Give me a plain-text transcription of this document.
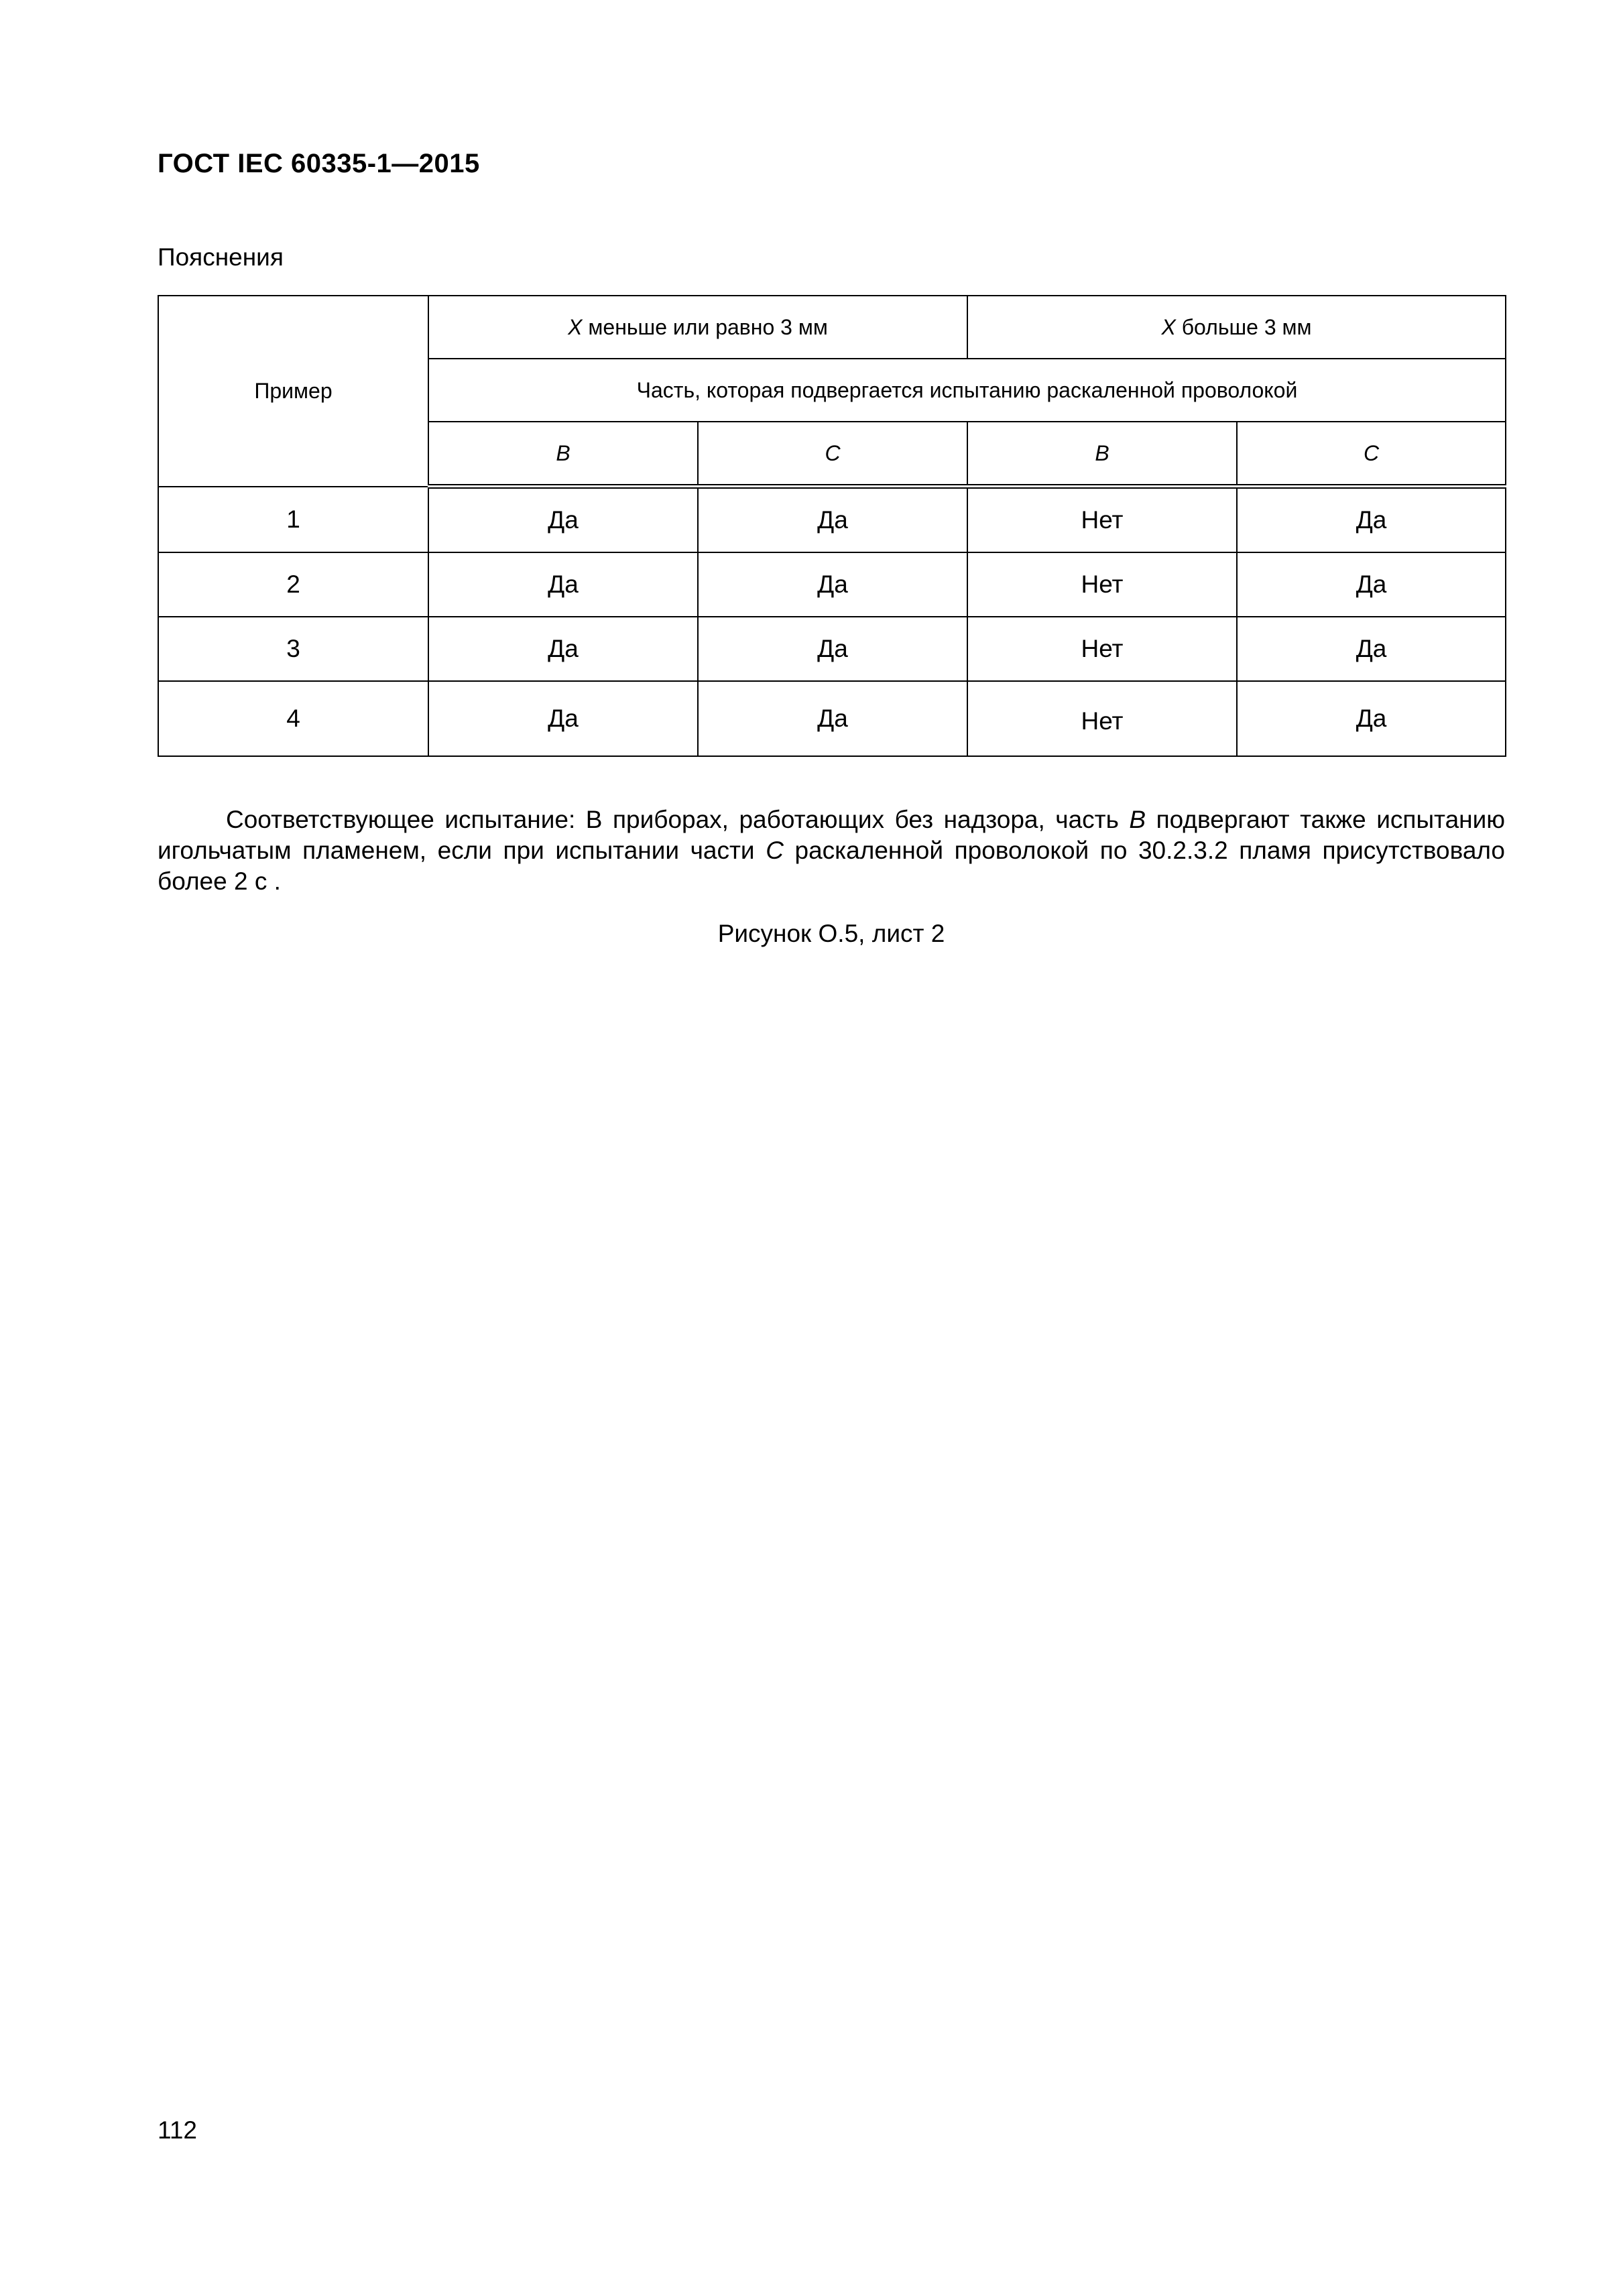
ГОСТ IEC 60335-1—2015
Пояснения
Пример	X меньше или равно 3 мм		X больше 3 мм	
	Часть, которая подвергается испытанию раскаленной проволокой			
	B	C	B	C
1	Да	Да	Нет	Да
2	Да	Да	Нет	Да
3	Да	Да	Нет	Да
4	Да	Да	Нет	Да

Соответствующее испытание: В приборах, работающих без надзора, часть B подвергают также испытанию игольчатым пламенем, если при испытании части C раскаленной проволокой по 30.2.3.2 пламя присутствовало более 2 с .

Рисунок О.5, лист 2
112
